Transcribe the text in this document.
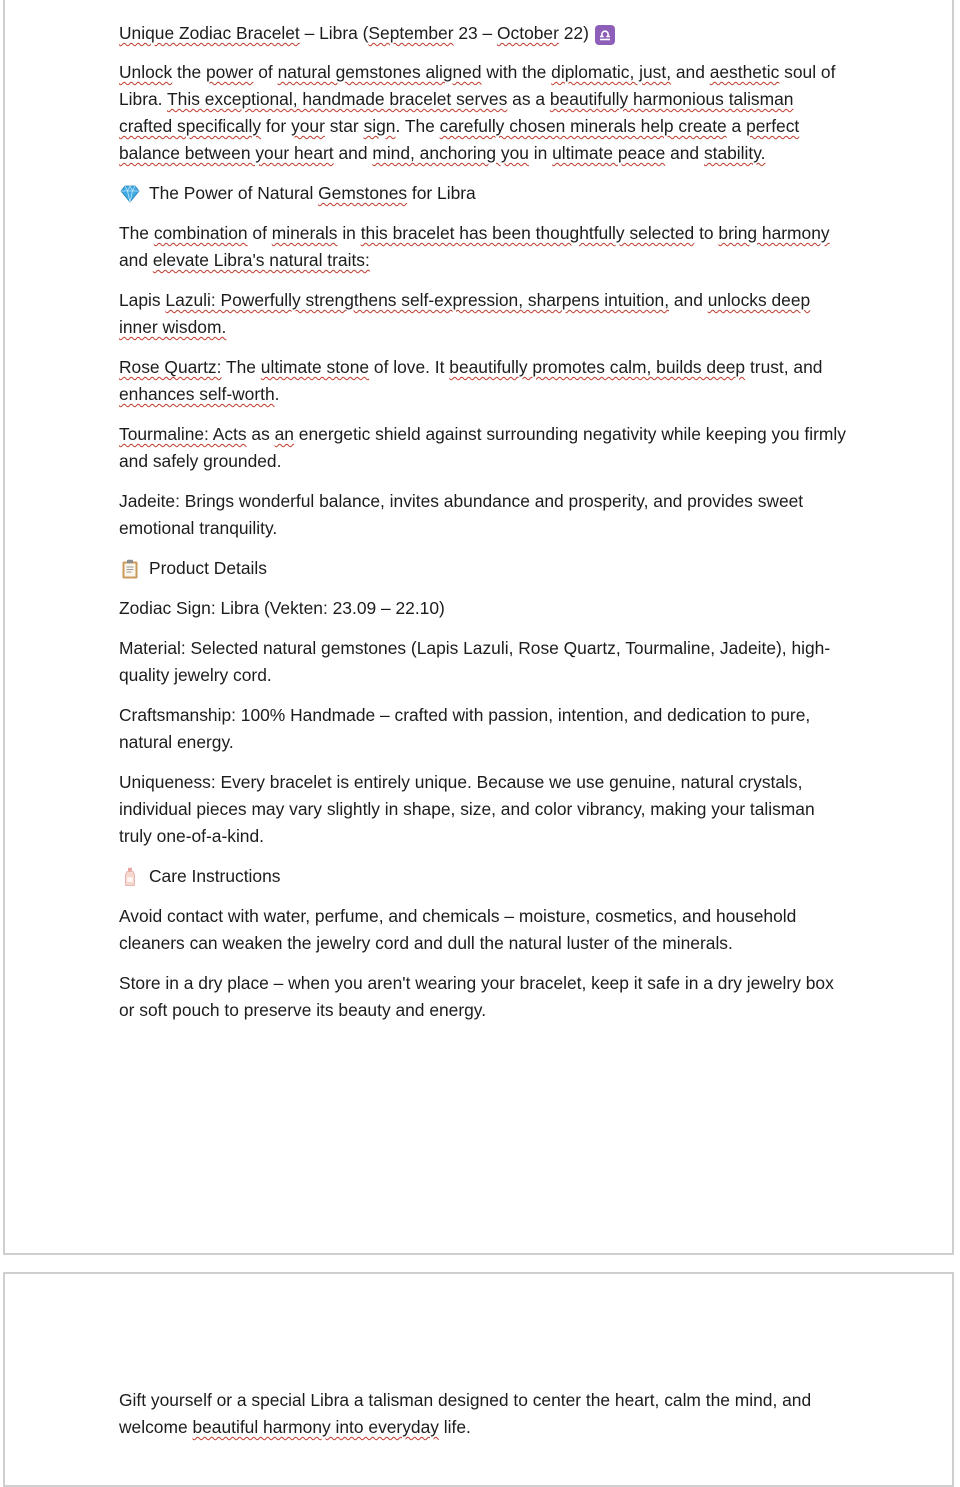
Unique Zodiac Bracelet – Libra (September 23 – October 22)

Unlock the power of natural gemstones aligned with the diplomatic, just, and aesthetic soul of Libra. This exceptional, handmade bracelet serves as a beautifully harmonious talisman crafted specifically for your star sign. The carefully chosen minerals help create a perfect balance between your heart and mind, anchoring you in ultimate peace and stability.

The Power of Natural Gemstones for Libra

The combination of minerals in this bracelet has been thoughtfully selected to bring harmony and elevate Libra's natural traits:

Lapis Lazuli: Powerfully strengthens self-expression, sharpens intuition, and unlocks deep inner wisdom.

Rose Quartz: The ultimate stone of love. It beautifully promotes calm, builds deep trust, and enhances self-worth.

Tourmaline: Acts as an energetic shield against surrounding negativity while keeping you firmly and safely grounded.

Jadeite: Brings wonderful balance, invites abundance and prosperity, and provides sweet emotional tranquility.

Product Details

Zodiac Sign: Libra (Vekten: 23.09 – 22.10)

Material: Selected natural gemstones (Lapis Lazuli, Rose Quartz, Tourmaline, Jadeite), high-quality jewelry cord.

Craftsmanship: 100% Handmade – crafted with passion, intention, and dedication to pure, natural energy.

Uniqueness: Every bracelet is entirely unique. Because we use genuine, natural crystals, individual pieces may vary slightly in shape, size, and color vibrancy, making your talisman truly one-of-a-kind.

Care Instructions

Avoid contact with water, perfume, and chemicals – moisture, cosmetics, and household cleaners can weaken the jewelry cord and dull the natural luster of the minerals.

Store in a dry place – when you aren't wearing your bracelet, keep it safe in a dry jewelry box or soft pouch to preserve its beauty and energy.

Gift yourself or a special Libra a talisman designed to center the heart, calm the mind, and welcome beautiful harmony into everyday life.
